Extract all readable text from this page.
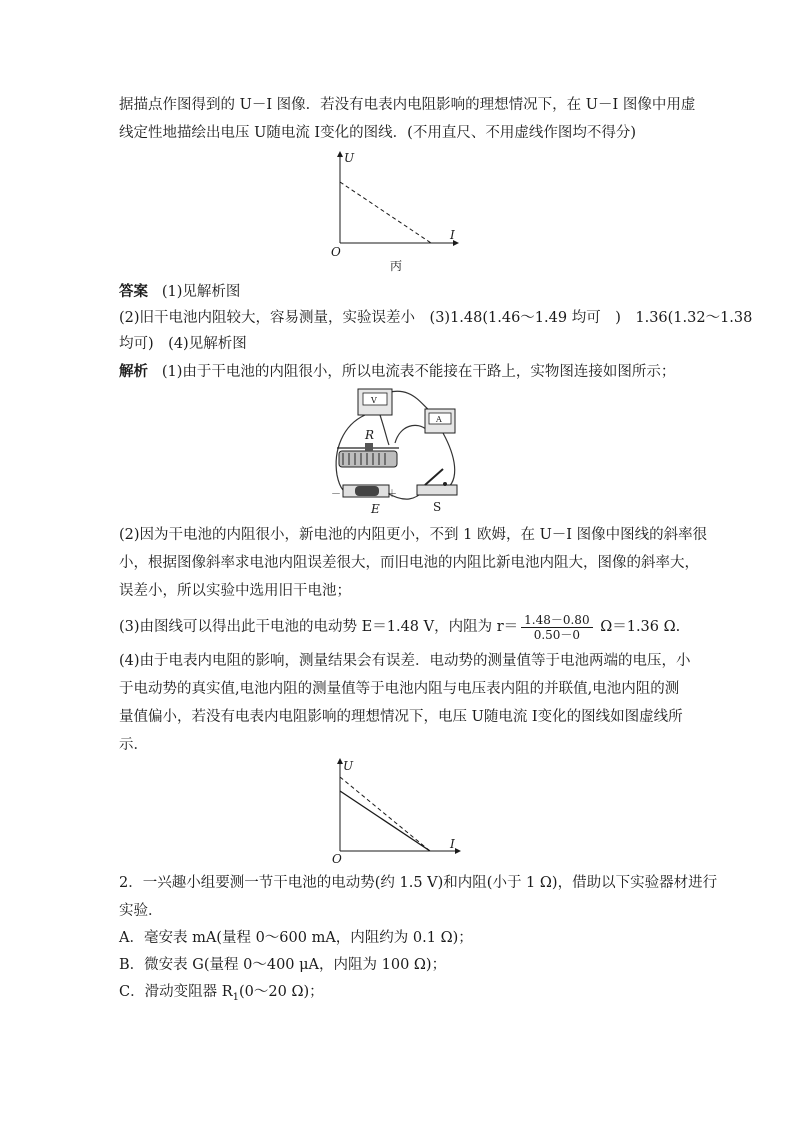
据描点作图得到的 U－I 图像．若没有电表内电阻影响的理想情况下，在 U－I 图像中用虚
线定性地描绘出电压 U随电流 I变化的图线．(不用直尺、不用虚线作图均不得分)
U
I
O
丙
答案 (1)见解析图
(2)旧干电池内阻较大，容易测量，实验误差小　(3)1.48(1.46～1.49 均可　)　1.36(1.32～1.38
均可)　(4)见解析图
解析 (1)由于干电池的内阻很小，所以电流表不能接在干路上，实物图连接如图所示；
V
A
R
－	＋
E	S
(2)因为干电池的内阻很小，新电池的内阻更小，不到 1 欧姆，在 U－I 图像中图线的斜率很
小，根据图像斜率求电池内阻误差很大，而旧电池的内阻比新电池内阻大，图像的斜率大，
误差小，所以实验中选用旧干电池；
(3)由图线可以得出此干电池的电动势 E＝1.48 V，内阻为 $r= \frac{1.48-0.80}{0.50-0} \Omega=1.36$ Ω.
(4)由于电表内电阻的影响，测量结果会有误差．电动势的测量值等于电池两端的电压，小
于电动势的真实值,电池内阻的测量值等于电池内阻与电压表内阻的并联值,电池内阻的测
量值偏小，若没有电表内电阻影响的理想情况下，电压 U随电流 I变化的图线如图虚线所
示．
U
I
O
2．一兴趣小组要测一节干电池的电动势(约 1.5 V)和内阻(小于 1 Ω)，借助以下实验器材进行
实验．
A．毫安表 mA(量程 0～600 mA，内阻约为 0.1 Ω)；
B．微安表 G(量程 0～400 μA，内阻为 100 Ω)；
C．滑动变阻器 $R_1(0\sim 20$ Ω)；
